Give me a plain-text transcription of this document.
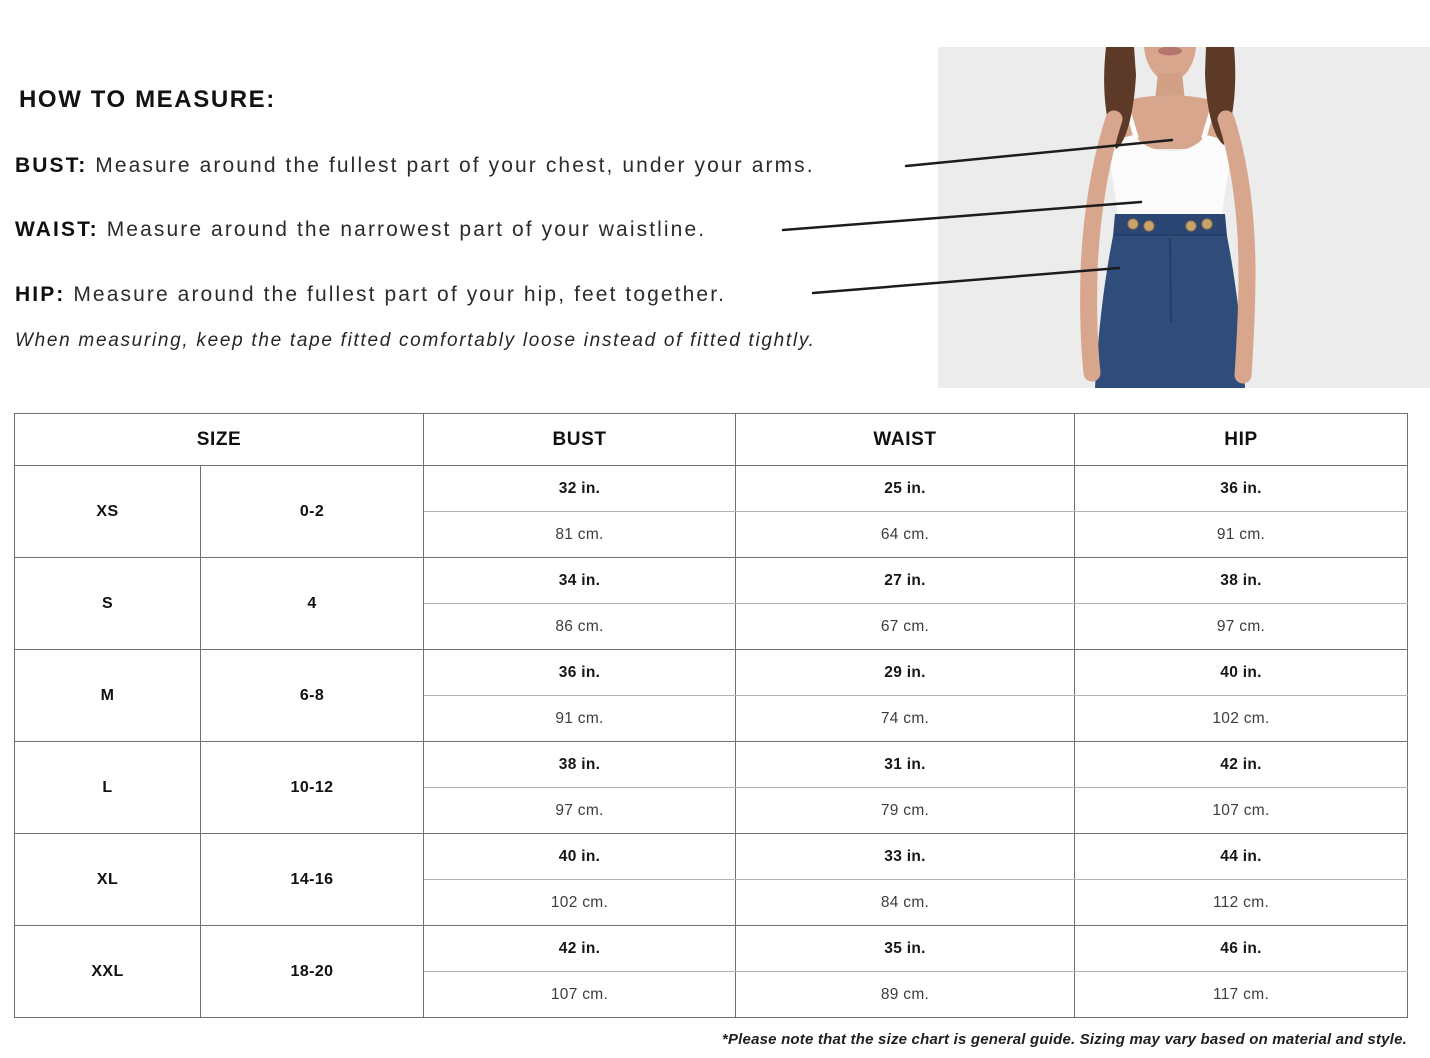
HOW TO MEASURE:

BUST: Measure around the fullest part of your chest, under your arms.

WAIST: Measure around the narrowest part of your waistline.

HIP: Measure around the fullest part of your hip, feet together.

When measuring, keep the tape fitted comfortably loose instead of fitted tightly.

SIZE		BUST	WAIST	HIP
XS	0-2	32 in.	25 in.	36 in.
		81 cm.	64 cm.	91 cm.
S	4	34 in.	27 in.	38 in.
		86 cm.	67 cm.	97 cm.
M	6-8	36 in.	29 in.	40 in.
		91 cm.	74 cm.	102 cm.
L	10-12	38 in.	31 in.	42 in.
		97 cm.	79 cm.	107 cm.
XL	14-16	40 in.	33 in.	44 in.
		102 cm.	84 cm.	112 cm.
XXL	18-20	42 in.	35 in.	46 in.
		107 cm.	89 cm.	117 cm.

*Please note that the size chart is general guide. Sizing may vary based on material and style.
